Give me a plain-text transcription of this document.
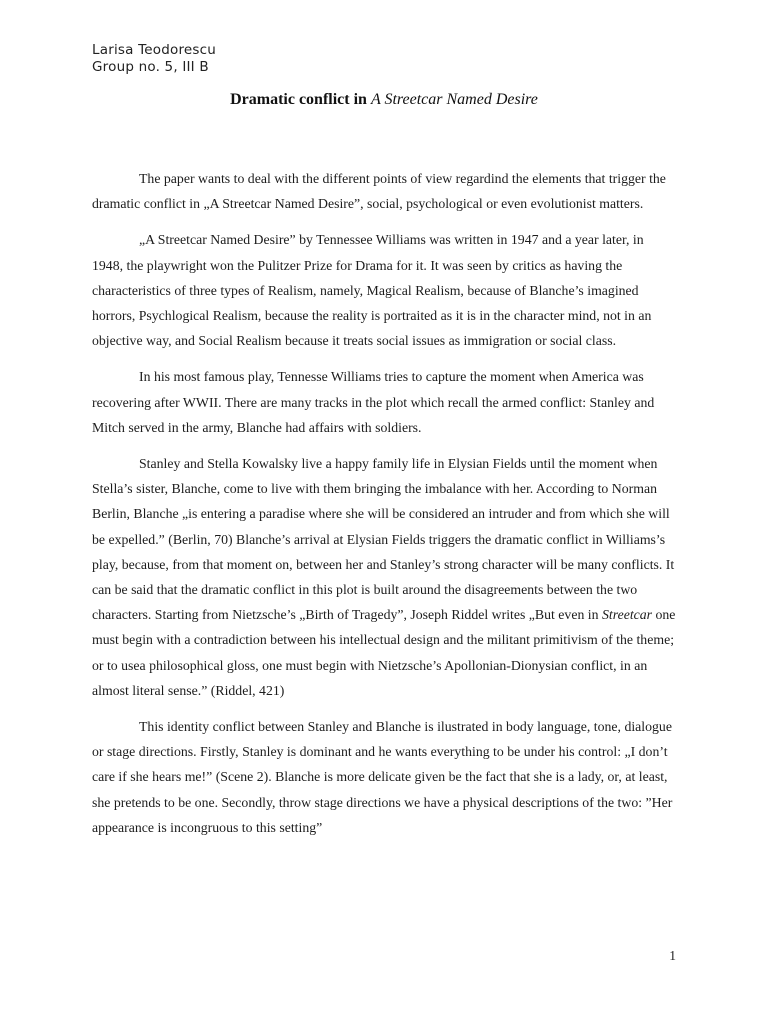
Larisa Teodorescu
Group no. 5, III B
Dramatic conflict in A Streetcar Named Desire

The paper wants to deal with the different points of view regardind the elements that trigger the dramatic conflict in „A Streetcar Named Desire”, social, psychological or even evolutionist matters.

„A Streetcar Named Desire” by Tennessee Williams was written in 1947 and a year later, in 1948, the playwright won the Pulitzer Prize for Drama for it. It was seen by critics as having the characteristics of three types of Realism, namely, Magical Realism, because of Blanche’s imagined horrors, Psychlogical Realism, because the reality is portraited as it is in the character mind, not in an objective way, and Social Realism because it treats social issues as immigration or social class.

In his most famous play, Tennesse Williams tries to capture the moment when America was recovering after WWII. There are many tracks in the plot which recall the armed conflict: Stanley and Mitch served in the army, Blanche had affairs with soldiers.

Stanley and Stella Kowalsky live a happy family life in Elysian Fields until the moment when Stella’s sister, Blanche, come to live with them bringing the imbalance with her. According to Norman Berlin, Blanche „is entering a paradise where she will be considered an intruder and from which she will be expelled.” (Berlin, 70) Blanche’s arrival at Elysian Fields triggers the dramatic conflict in Williams’s play, because, from that moment on, between her and Stanley’s strong character will be many conflicts. It can be said that the dramatic conflict in this plot is built around the disagreements between the two characters. Starting from Nietzsche’s „Birth of Tragedy”, Joseph Riddel writes „But even in Streetcar one must begin with a contradiction between his intellectual design and the militant primitivism of the theme; or to usea philosophical gloss, one must begin with Nietzsche’s Apollonian-Dionysian conflict, in an almost literal sense.” (Riddel, 421)

This identity conflict between Stanley and Blanche is ilustrated in body language, tone, dialogue or stage directions. Firstly, Stanley is dominant and he wants everything to be under his control: „I don’t care if she hears me!” (Scene 2). Blanche is more delicate given be the fact that she is a lady, or, at least, she pretends to be one. Secondly, throw stage directions we have a physical descriptions of the two: ”Her appearance is incongruous to this setting”

1
